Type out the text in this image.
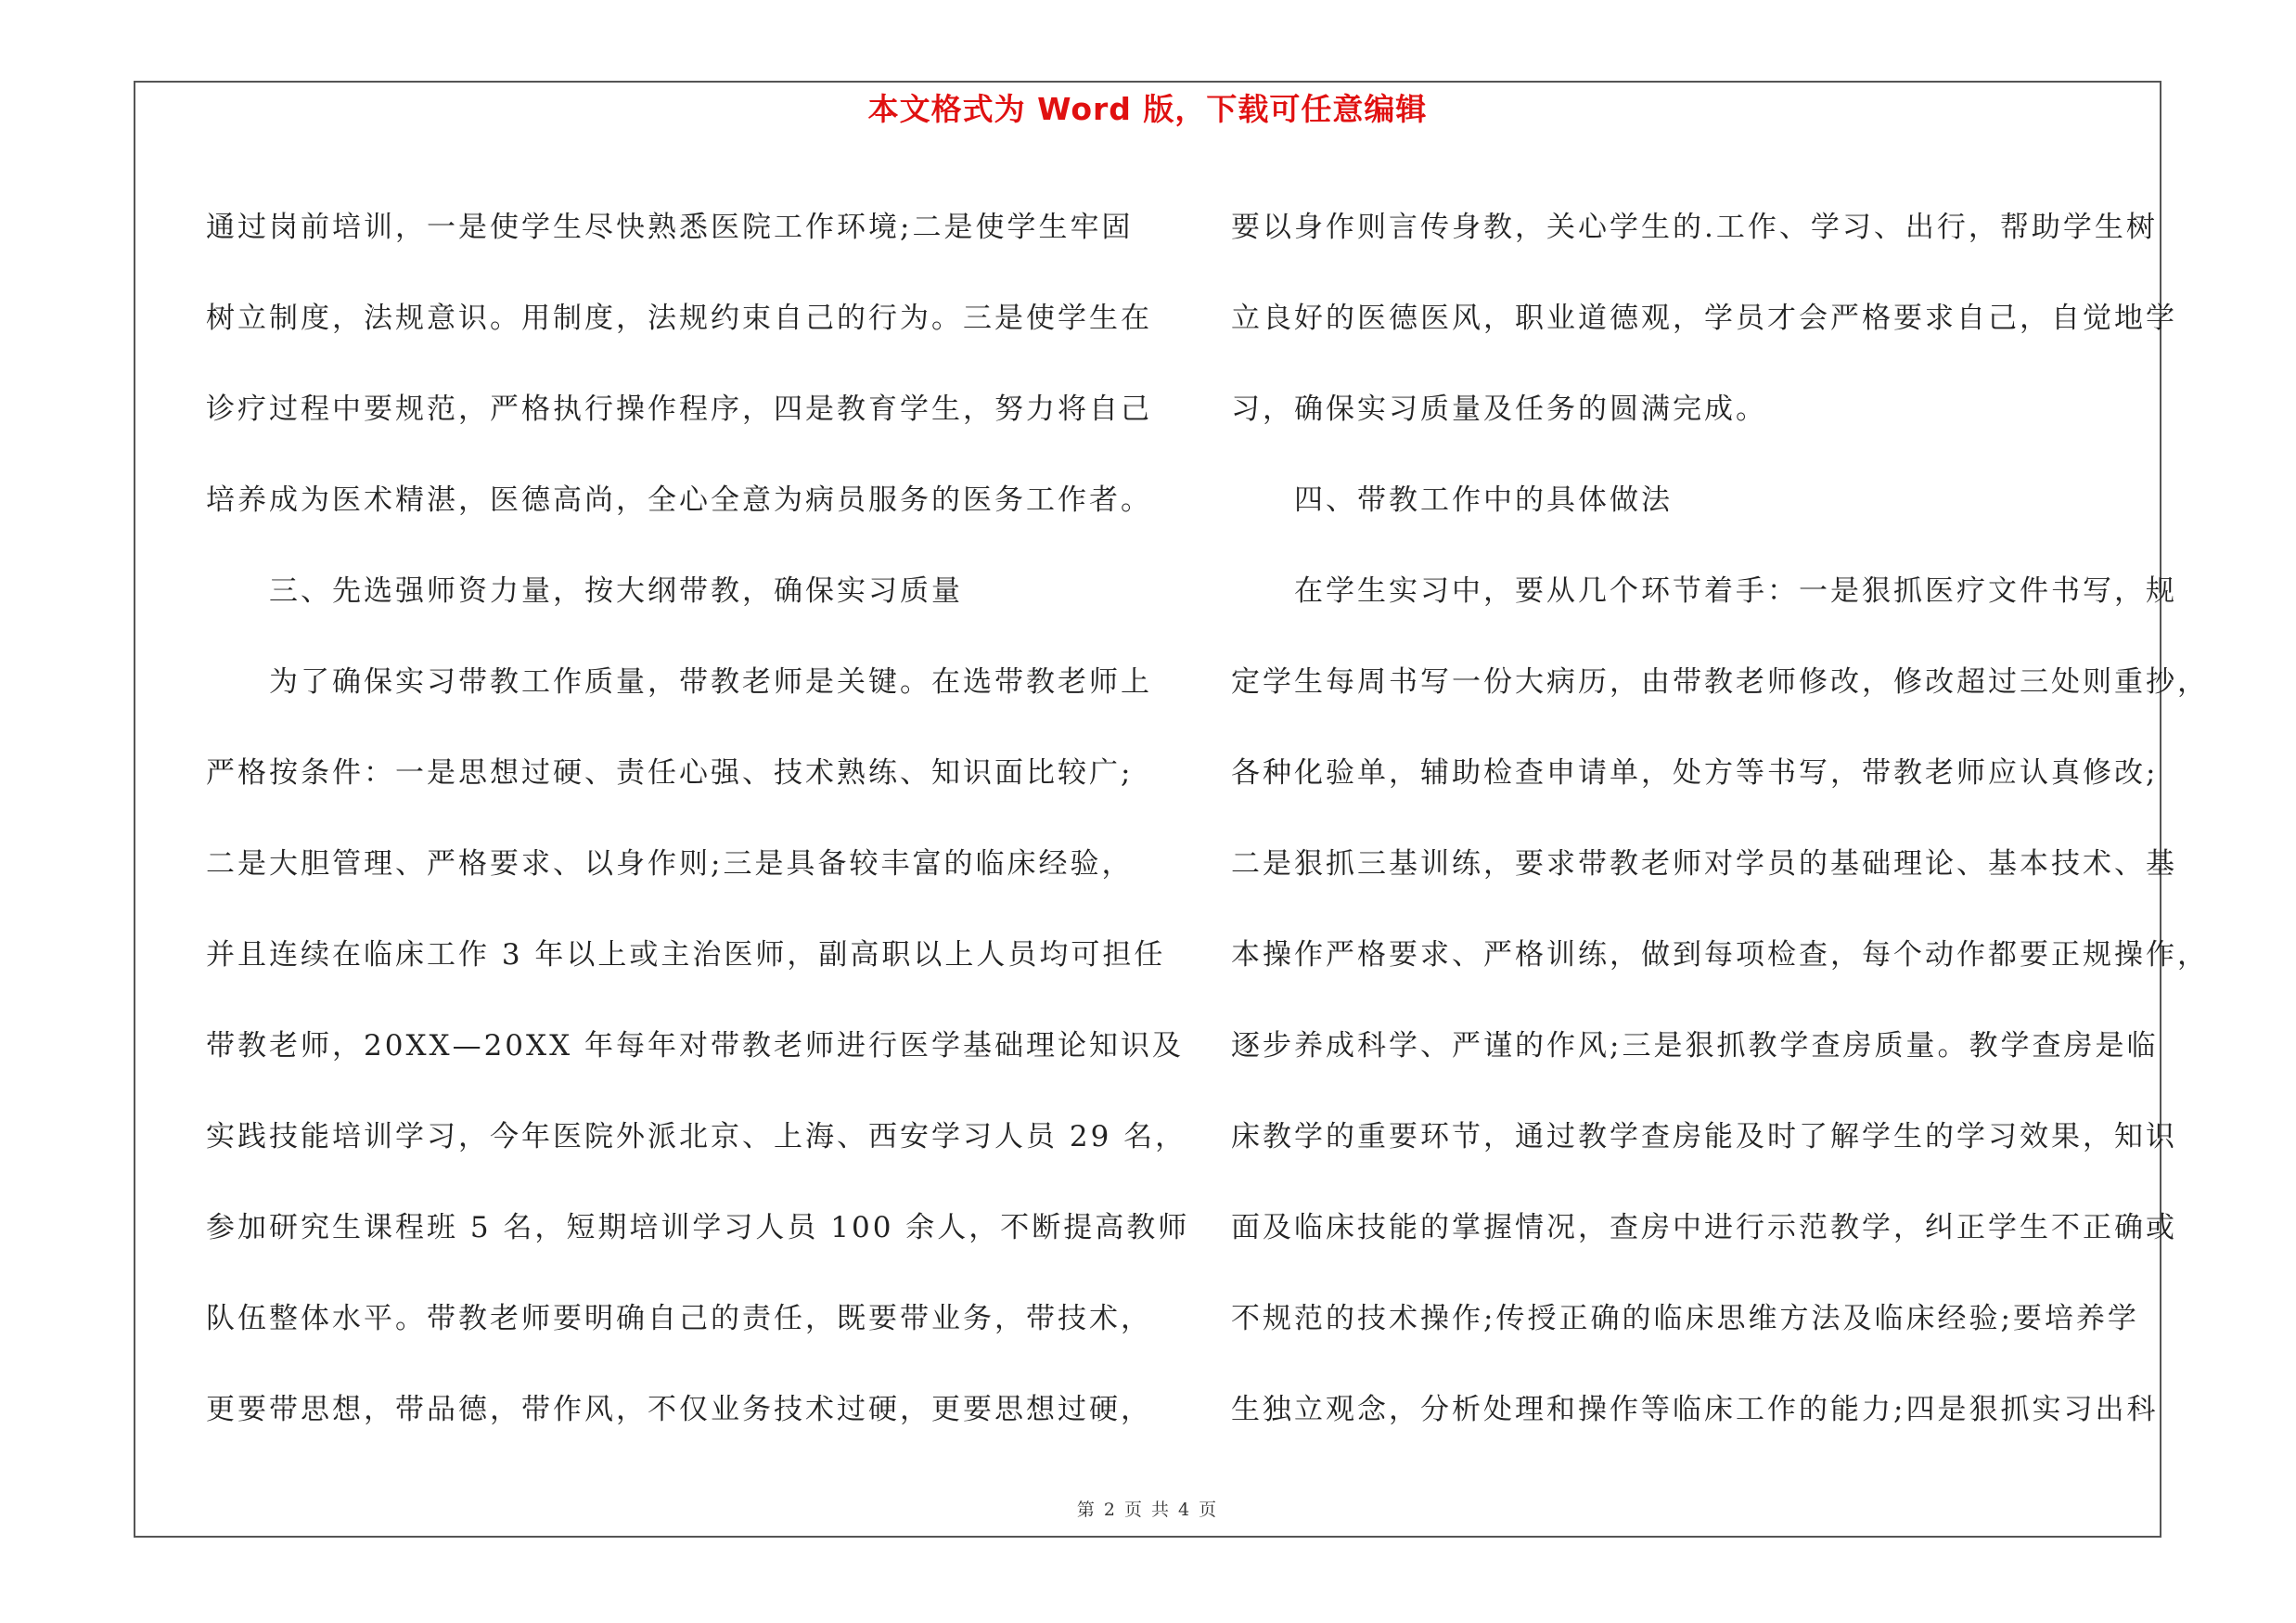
本文格式为 Word 版，下载可任意编辑
通过岗前培训，一是使学生尽快熟悉医院工作环境;二是使学生牢固
树立制度，法规意识。用制度，法规约束自己的行为。三是使学生在
诊疗过程中要规范，严格执行操作程序，四是教育学生，努力将自己
培养成为医术精湛，医德高尚，全心全意为病员服务的医务工作者。
　　三、先选强师资力量，按大纲带教，确保实习质量
　　为了确保实习带教工作质量，带教老师是关键。在选带教老师上
严格按条件：一是思想过硬、责任心强、技术熟练、知识面比较广;
二是大胆管理、严格要求、以身作则;三是具备较丰富的临床经验，
并且连续在临床工作 3 年以上或主治医师，副高职以上人员均可担任
带教老师，20XX—20XX 年每年对带教老师进行医学基础理论知识及
实践技能培训学习，今年医院外派北京、上海、西安学习人员 29 名，
参加研究生课程班 5 名，短期培训学习人员 100 余人，不断提高教师
队伍整体水平。带教老师要明确自己的责任，既要带业务，带技术，
更要带思想，带品德，带作风，不仅业务技术过硬，更要思想过硬，
要以身作则言传身教，关心学生的.工作、学习、出行，帮助学生树
立良好的医德医风，职业道德观，学员才会严格要求自己，自觉地学
习，确保实习质量及任务的圆满完成。
　　四、带教工作中的具体做法
　　在学生实习中，要从几个环节着手：一是狠抓医疗文件书写，规
定学生每周书写一份大病历，由带教老师修改，修改超过三处则重抄，
各种化验单，辅助检查申请单，处方等书写，带教老师应认真修改;
二是狠抓三基训练，要求带教老师对学员的基础理论、基本技术、基
本操作严格要求、严格训练，做到每项检查，每个动作都要正规操作，
逐步养成科学、严谨的作风;三是狠抓教学查房质量。教学查房是临
床教学的重要环节，通过教学查房能及时了解学生的学习效果，知识
面及临床技能的掌握情况，查房中进行示范教学，纠正学生不正确或
不规范的技术操作;传授正确的临床思维方法及临床经验;要培养学
生独立观念，分析处理和操作等临床工作的能力;四是狠抓实习出科
第 2 页 共 4 页
